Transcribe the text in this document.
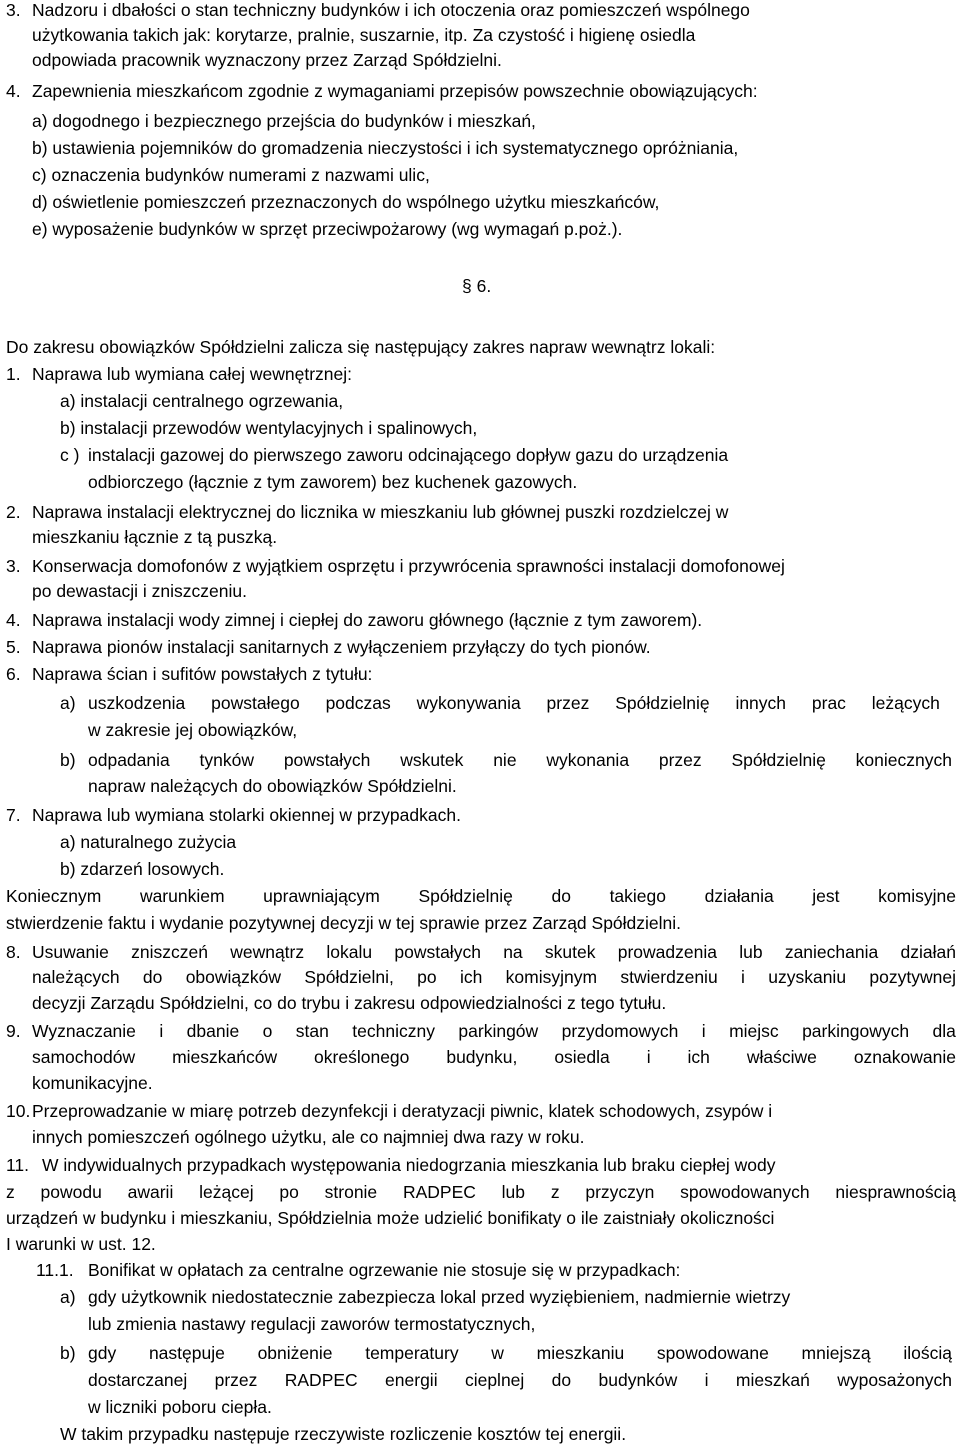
3. Nadzoru i dbałości o stan techniczny budynków i ich otoczenia oraz pomieszczeń wspólnego
użytkowania takich jak: korytarze, pralnie, suszarnie, itp. Za czystość i higienę osiedla
odpowiada pracownik wyznaczony przez Zarząd Spółdzielni.
4. Zapewnienia mieszkańcom zgodnie z wymaganiami przepisów powszechnie obowiązujących:
a) dogodnego i bezpiecznego przejścia do budynków i mieszkań,
b) ustawienia pojemników do gromadzenia nieczystości i ich systematycznego opróżniania,
c) oznaczenia budynków numerami z nazwami ulic,
d) oświetlenie pomieszczeń przeznaczonych do wspólnego użytku mieszkańców,
e) wyposażenie budynków w sprzęt przeciwpożarowy (wg wymagań p.poż.).
§ 6.
Do zakresu obowiązków Spółdzielni zalicza się następujący zakres napraw wewnątrz lokali:
1. Naprawa lub wymiana całej wewnętrznej:
a) instalacji centralnego ogrzewania,
b) instalacji przewodów wentylacyjnych i spalinowych,
c ) instalacji gazowej do pierwszego zaworu odcinającego dopływ gazu do urządzenia
odbiorczego (łącznie z tym zaworem) bez kuchenek gazowych.
2. Naprawa instalacji elektrycznej do licznika w mieszkaniu lub głównej puszki rozdzielczej w
mieszkaniu łącznie z tą puszką.
3. Konserwacja domofonów z wyjątkiem osprzętu i przywrócenia sprawności instalacji domofonowej
po dewastacji i zniszczeniu.
4. Naprawa instalacji wody zimnej i ciepłej do zaworu głównego (łącznie z tym zaworem).
5. Naprawa pionów instalacji sanitarnych z wyłączeniem przyłączy do tych pionów.
6. Naprawa ścian i sufitów powstałych z tytułu:
a) uszkodzenia powstałego podczas wykonywania przez Spółdzielnię innych prac leżących
w zakresie jej obowiązków,
b) odpadania tynków powstałych wskutek nie wykonania przez Spółdzielnię koniecznych
napraw należących do obowiązków Spółdzielni.
7. Naprawa lub wymiana stolarki okiennej w przypadkach.
a) naturalnego zużycia
b) zdarzeń losowych.
Koniecznym warunkiem uprawniającym Spółdzielnię do takiego działania jest komisyjne
stwierdzenie faktu i wydanie pozytywnej decyzji w tej sprawie przez Zarząd Spółdzielni.
8. Usuwanie zniszczeń wewnątrz lokalu powstałych na skutek prowadzenia lub zaniechania działań
należących do obowiązków Spółdzielni, po ich komisyjnym stwierdzeniu i uzyskaniu pozytywnej
decyzji Zarządu Spółdzielni, co do trybu i zakresu odpowiedzialności z tego tytułu.
9. Wyznaczanie i dbanie o stan techniczny parkingów przydomowych i miejsc parkingowych dla
samochodów mieszkańców określonego budynku, osiedla i ich właściwe oznakowanie
komunikacyjne.
10. Przeprowadzanie w miarę potrzeb dezynfekcji i deratyzacji piwnic, klatek schodowych, zsypów i
innych pomieszczeń ogólnego użytku, ale co najmniej dwa razy w roku.
11. W indywidualnych przypadkach występowania niedogrzania mieszkania lub braku ciepłej wody
z powodu awarii leżącej po stronie RADPEC lub z przyczyn spowodowanych niesprawnością
urządzeń w budynku i mieszkaniu, Spółdzielnia może udzielić bonifikaty o ile zaistniały okoliczności
I warunki w ust. 12.
11.1. Bonifikat w opłatach za centralne ogrzewanie nie stosuje się w przypadkach:
a) gdy użytkownik niedostatecznie zabezpiecza lokal przed wyziębieniem, nadmiernie wietrzy
lub zmienia nastawy regulacji zaworów termostatycznych,
b) gdy następuje obniżenie temperatury w mieszkaniu spowodowane mniejszą ilością
dostarczanej przez RADPEC energii cieplnej do budynków i mieszkań wyposażonych
w liczniki poboru ciepła.
W takim przypadku następuje rzeczywiste rozliczenie kosztów tej energii.
